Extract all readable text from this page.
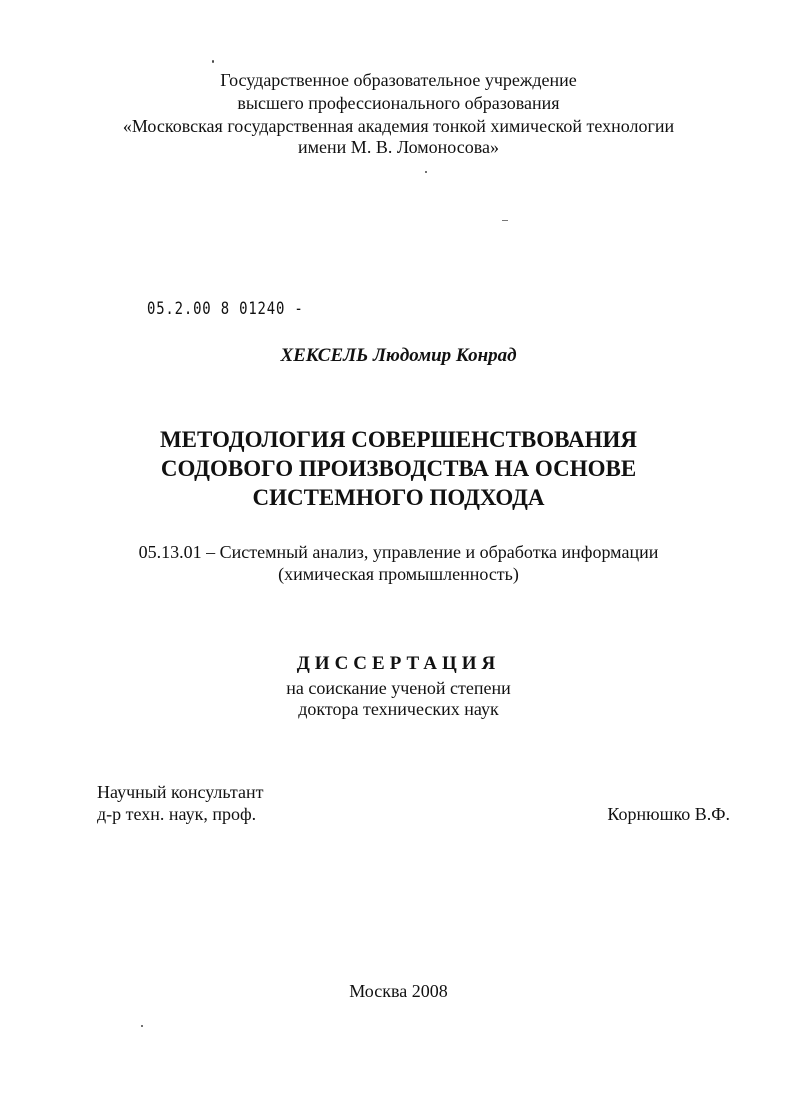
Государственное образовательное учреждение
высшего профессионального образования
«Московская государственная академия тонкой химической технологии
имени М. В. Ломоносова»
05.2.00 8 01240 -
ХЕКСЕЛЬ Людомир Конрад
МЕТОДОЛОГИЯ СОВЕРШЕНСТВОВАНИЯ
СОДОВОГО ПРОИЗВОДСТВА НА ОСНОВЕ
СИСТЕМНОГО ПОДХОДА
05.13.01 – Системный анализ, управление и обработка информации
(химическая промышленность)
ДИССЕРТАЦИЯ
на соискание ученой степени
доктора технических наук
Научный консультант
д-р техн. наук, проф.	Корнюшко В.Ф.
Москва 2008
